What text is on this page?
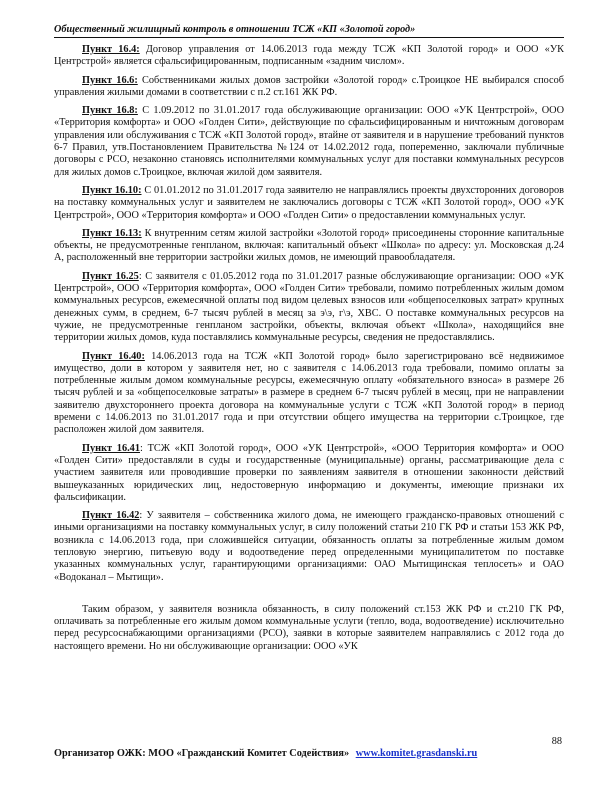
Общественный жилищный контроль в отношении ТСЖ «КП «Золотой город»

Пункт 16.4: Договор управления от 14.06.2013 года между ТСЖ «КП Золотой город» и ООО «УК Центрстрой» является сфальсифицированным, подписанным «задним числом».

Пункт 16.6: Собственниками жилых домов застройки «Золотой город» с.Троицкое НЕ выбирался способ управления жилыми домами в соответствии с п.2 ст.161 ЖК РФ.

Пункт 16.8: С 1.09.2012 по 31.01.2017 года обслуживающие организации: ООО «УК Центрстрой», ООО «Территория комфорта» и ООО «Голден Сити», действующие по сфальсифицированным и ничтожным договорам управления или обслуживания с ТСЖ «КП Золотой город», втайне от заявителя и в нарушение требований пунктов 6-7 Правил, утв.Постановлением Правительства №124 от 14.02.2012 года, попеременно, заключали публичные договоры с РСО, незаконно становясь исполнителями коммунальных услуг для поставки коммунальных ресурсов для жилых домов с.Троицкое, включая жилой дом заявителя.

Пункт 16.10: С 01.01.2012 по 31.01.2017 года заявителю не направлялись проекты двухсторонних договоров на поставку коммунальных услуг и заявителем не заключались договоры с ТСЖ «КП Золотой город», ООО «УК Центрстрой», ООО «Территория комфорта» и ООО «Голден Сити» о предоставлении коммунальных услуг.

Пункт 16.13: К внутренним сетям жилой застройки «Золотой город» присоединены сторонние капитальные объекты, не предусмотренные генпланом, включая: капитальный объект «Школа» по адресу: ул. Московская д.24 А, расположенный вне территории застройки жилых домов, не имеющий правообладателя.

Пункт 16.25: С заявителя с 01.05.2012 года по 31.01.2017 разные обслуживающие организации: ООО «УК Центрстрой», ООО «Территория комфорта», ООО «Голден Сити» требовали, помимо потребленных жилым домом коммунальных ресурсов, ежемесячной оплаты под видом целевых взносов или «общепоселковых затрат» крупных денежных сумм, в среднем, 6-7 тысяч рублей в месяц за э\э, г\э, ХВС. О поставке коммунальных ресурсов на чужие, не предусмотренные генпланом застройки, объекты, включая объект «Школа», находящийся вне территории жилых домов, куда поставлялись коммунальные ресурсы, сведения не предоставлялись.

Пункт 16.40: 14.06.2013 года на ТСЖ «КП Золотой город» было зарегистрировано всё недвижимое имущество, доли в котором у заявителя нет, но с заявителя с 14.06.2013 года требовали, помимо оплаты за потребленные жилым домом коммунальные ресурсы, ежемесячную оплату «обязательного взноса» в размере 26 тысяч рублей и за «общепоселковые затраты» в размере в среднем 6-7 тысяч рублей в месяц, при не направлении заявителю двухстороннего проекта договора на коммунальные услуги с ТСЖ «КП Золотой город» в период времени с 14.06.2013 по 31.01.2017 года и при отсутствии общего имущества на территории с.Троицкое, где расположен жилой дом заявителя.

Пункт 16.41: ТСЖ «КП Золотой город», ООО «УК Центрстрой», «ООО Территория комфорта» и ООО «Голден Сити» предоставляли в суды и государственные (муниципальные) органы, рассматривающие дела с участием заявителя или проводившие проверки по заявлениям заявителя в отношении законности действий вышеуказанных юридических лиц, недостоверную информацию и документы, имеющие признаки их фальсификации.

Пункт 16.42: У заявителя – собственника жилого дома, не имеющего гражданско-правовых отношений с иными организациями на поставку коммунальных услуг, в силу положений статьи 210 ГК РФ и статьи 153 ЖК РФ, возникла с 14.06.2013 года, при сложившейся ситуации, обязанность оплаты за потребленные жилым домом тепловую энергию, питьевую воду и водоотведение перед определенными муниципалитетом по поставке указанных коммунальных услуг, гарантирующими организациями: ОАО Мытищинская теплосеть» и ОАО «Водоканал – Мытищи».

Таким образом, у заявителя возникла обязанность, в силу положений ст.153 ЖК РФ и ст.210 ГК РФ, оплачивать за потребленные его жилым домом коммунальные услуги (тепло, вода, водоотведение) исключительно перед ресурсоснабжающими организациями (РСО), заявки в которые заявителем направлялись с 2012 года до настоящего времени. Но ни обслуживающие организации: ООО «УК

88
Организатор ОЖК: МОО «Гражданский Комитет Содействия» www.komitet.grasdanski.ru
